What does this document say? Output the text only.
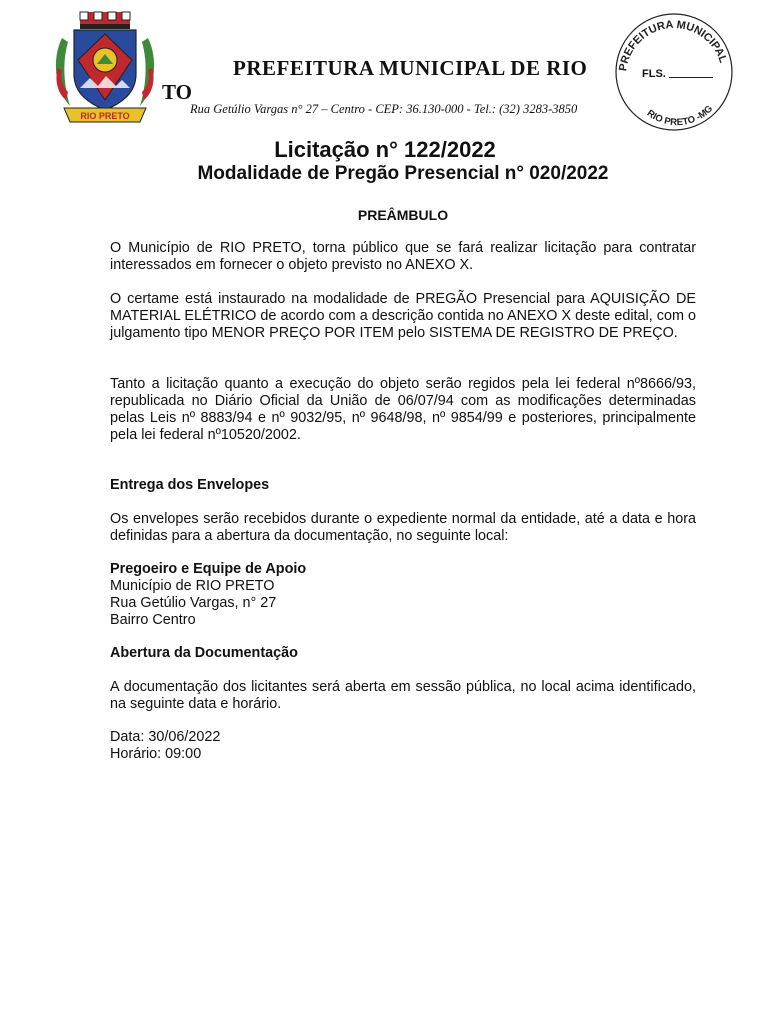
RIO PRETO
PREFEITURA MUNICIPAL DE RIO
TO
Rua Getúlio Vargas n° 27 – Centro - CEP: 36.130-000 - Tel.: (32) 3283-3850
PREFEITURA MUNICIPAL
RIO PRETO -MG
FLS.
Licitação n° 122/2022
Modalidade de Pregão Presencial n° 020/2022
PREÂMBULO
O Município de RIO PRETO, torna público que se fará realizar licitação para contratar interessados em fornecer o objeto previsto no ANEXO X.
O certame está instaurado na modalidade de PREGÃO Presencial para AQUISIÇÃO DE MATERIAL ELÉTRICO de acordo com a descrição contida no ANEXO X deste edital, com o julgamento tipo MENOR PREÇO POR ITEM pelo SISTEMA DE REGISTRO DE PREÇO.
Tanto a licitação quanto a execução do objeto serão regidos pela lei federal nº8666/93, republicada no Diário Oficial da União de 06/07/94 com as modificações determinadas pelas Leis nº 8883/94 e nº 9032/95, nº 9648/98, nº 9854/99 e posteriores, principalmente pela lei federal nº10520/2002.
Entrega dos Envelopes
Os envelopes serão recebidos durante o expediente normal da entidade, até a data e hora definidas para a abertura da documentação, no seguinte local:
Pregoeiro e Equipe de Apoio
Município de RIO PRETO
Rua Getúlio Vargas, n° 27
Bairro Centro
Abertura da Documentação
A documentação dos licitantes será aberta em sessão pública, no local acima identificado, na seguinte data e horário.
Data: 30/06/2022
Horário: 09:00
